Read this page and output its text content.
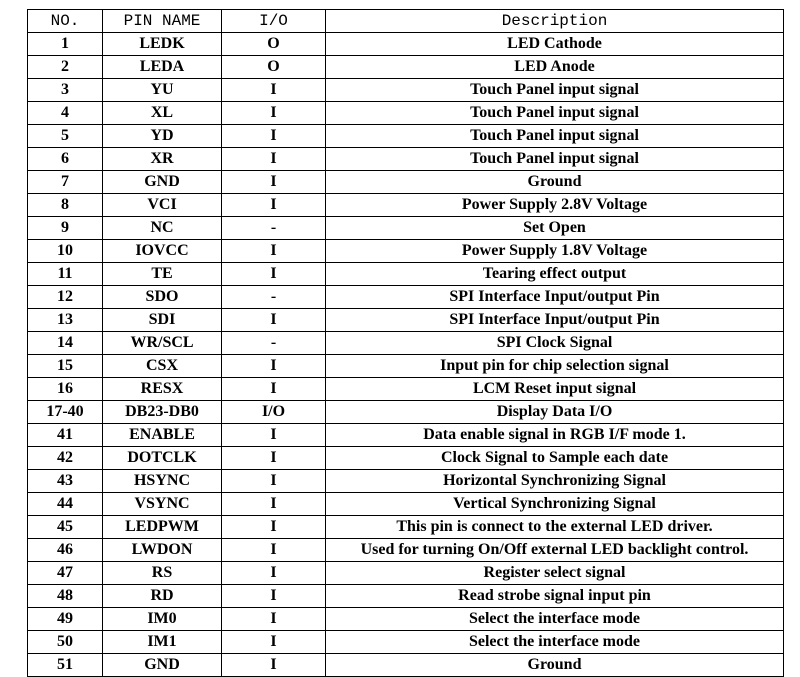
NO.	PIN NAME	I/O	Description
1	LEDK	O	LED Cathode
2	LEDA	O	LED Anode
3	YU	I	Touch Panel input signal
4	XL	I	Touch Panel input signal
5	YD	I	Touch Panel input signal
6	XR	I	Touch Panel input signal
7	GND	I	Ground
8	VCI	I	Power Supply 2.8V Voltage
9	NC	-	Set Open
10	IOVCC	I	Power Supply 1.8V Voltage
11	TE	I	Tearing effect output
12	SDO	-	SPI Interface Input/output Pin
13	SDI	I	SPI Interface Input/output Pin
14	WR/SCL	-	SPI Clock Signal
15	CSX	I	Input pin for chip selection signal
16	RESX	I	LCM Reset input signal
17-40	DB23-DB0	I/O	Display Data I/O
41	ENABLE	I	Data enable signal in RGB I/F mode 1.
42	DOTCLK	I	Clock Signal to Sample each date
43	HSYNC	I	Horizontal Synchronizing Signal
44	VSYNC	I	Vertical Synchronizing Signal
45	LEDPWM	I	This pin is connect to the external LED driver.
46	LWDON	I	Used for turning On/Off external LED backlight control.
47	RS	I	Register select signal
48	RD	I	Read strobe signal input pin
49	IM0	I	Select the interface mode
50	IM1	I	Select the interface mode
51	GND	I	Ground
